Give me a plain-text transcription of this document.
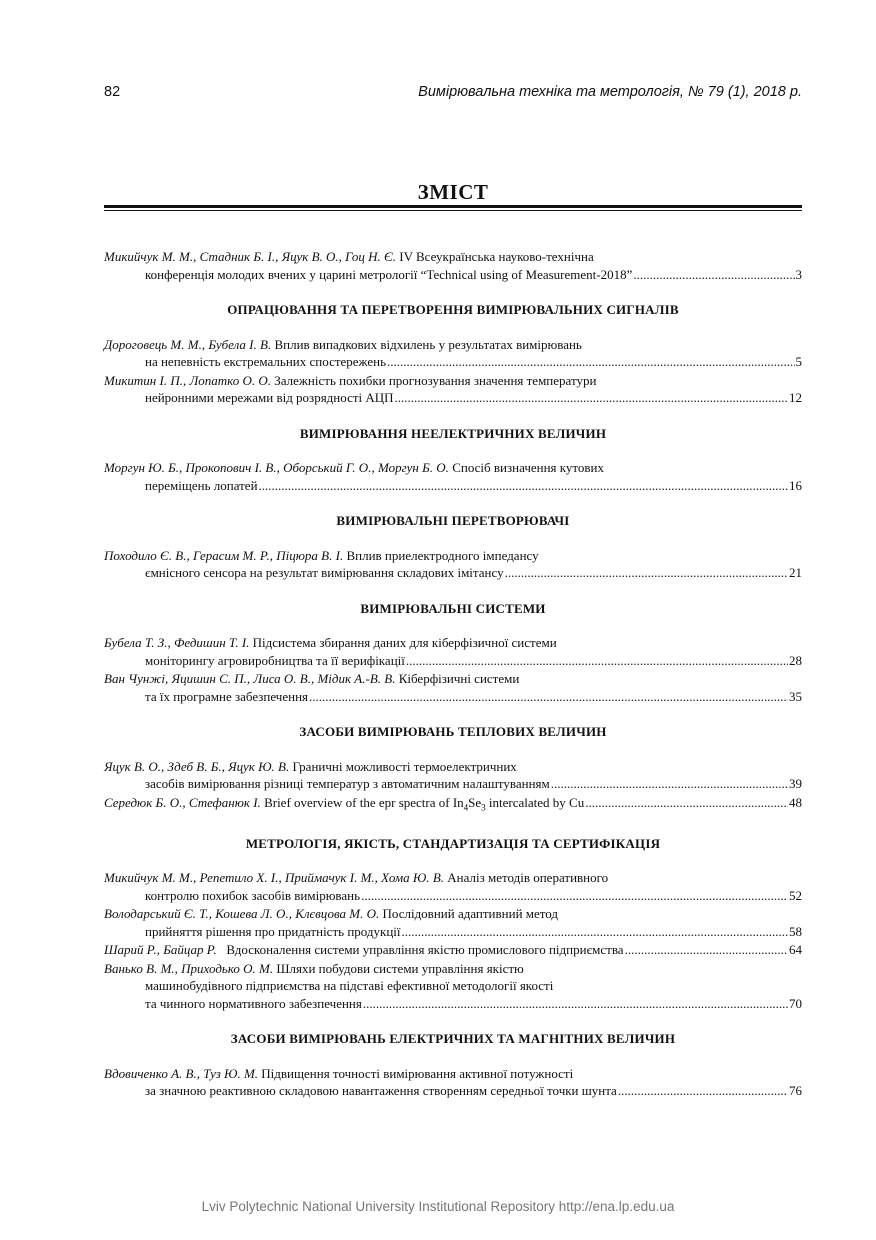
82	Вимірювальна техніка та метрологія, № 79 (1), 2018 р.
ЗМІСТ

Микийчук М. М., Стадник Б. І., Яцук В. О., Гоц Н. Є. IV Всеукраїнська науково-технічна

конференція молодих вчених у царині метрології “Technical using of Measurement-2018” .....	3

ОПРАЦЮВАННЯ ТА ПЕРЕТВОРЕННЯ ВИМІРЮВАЛЬНИХ СИГНАЛІВ

Дороговець М. М., Бубела І. В. Вплив випадкових відхилень у результатах вимірювань

на непевність екстремальних спостережень .....	5

Микитин І. П., Лопатко О. О. Залежність похибки прогнозування значення температури

нейронними мережами від розрядності АЦП .....	12

ВИМІРЮВАННЯ НЕЕЛЕКТРИЧНИХ ВЕЛИЧИН

Моргун Ю. Б., Прокопович І. В., Оборський Г. О., Моргун Б. О. Спосіб визначення кутових

переміщень лопатей .....	16

ВИМІРЮВАЛЬНІ ПЕРЕТВОРЮВАЧІ

Походило Є. В., Герасим М. Р., Піцюра В. І. Вплив приелектродного імпедансу

ємнісного сенсора на результат вимірювання складових імітансу .....	21

ВИМІРЮВАЛЬНІ СИСТЕМИ

Бубела Т. З., Федишин Т. І. Підсистема збирання даних для кіберфізичної системи

моніторингу агровиробництва та її верифікації .....	28

Ван Чунжі, Яцишин С. П., Лиса О. В., Мідик А.-В. В. Кіберфізичні системи

та їх програмне забезпечення .....	35

ЗАСОБИ ВИМІРЮВАНЬ ТЕПЛОВИХ ВЕЛИЧИН

Яцук В. О., Здеб В. Б., Яцук Ю. В. Граничні можливості термоелектричних

засобів вимірювання різниці температур з автоматичним налаштуванням .....	39

Середюк Б. О., Стефанюк І. Brief overview of the epr spectra of $In_4Se_3$ intercalated by Cu .....	48

МЕТРОЛОГІЯ, ЯКІСТЬ, СТАНДАРТИЗАЦІЯ ТА СЕРТИФІКАЦІЯ

Микийчук М. М., Репетило Х. І., Приймачук І. М., Хома Ю. В. Аналіз методів оперативного

контролю похибок засобів вимірювань .....	52

Володарський Є. Т., Кошева Л. О., Клєвцова М. О. Послідовний адаптивний метод

прийняття рішення про придатність продукції .....	58

Шарий Р., Байцар Р. Вдосконалення системи управління якістю промислового підприємства .....	64

Ванько В. М., Приходько О. М. Шляхи побудови системи управління якістю

машинобудівного підприємства на підставі ефективної методології якості

та чинного нормативного забезпечення .....	70

ЗАСОБИ ВИМІРЮВАНЬ ЕЛЕКТРИЧНИХ ТА МАГНІТНИХ ВЕЛИЧИН

Вдовиченко А. В., Туз Ю. М. Підвищення точності вимірювання активної потужності

за значною реактивною складовою навантаження створенням середньої точки шунта .....	76

Lviv Polytechnic National University Institutional Repository http://ena.lp.edu.ua
